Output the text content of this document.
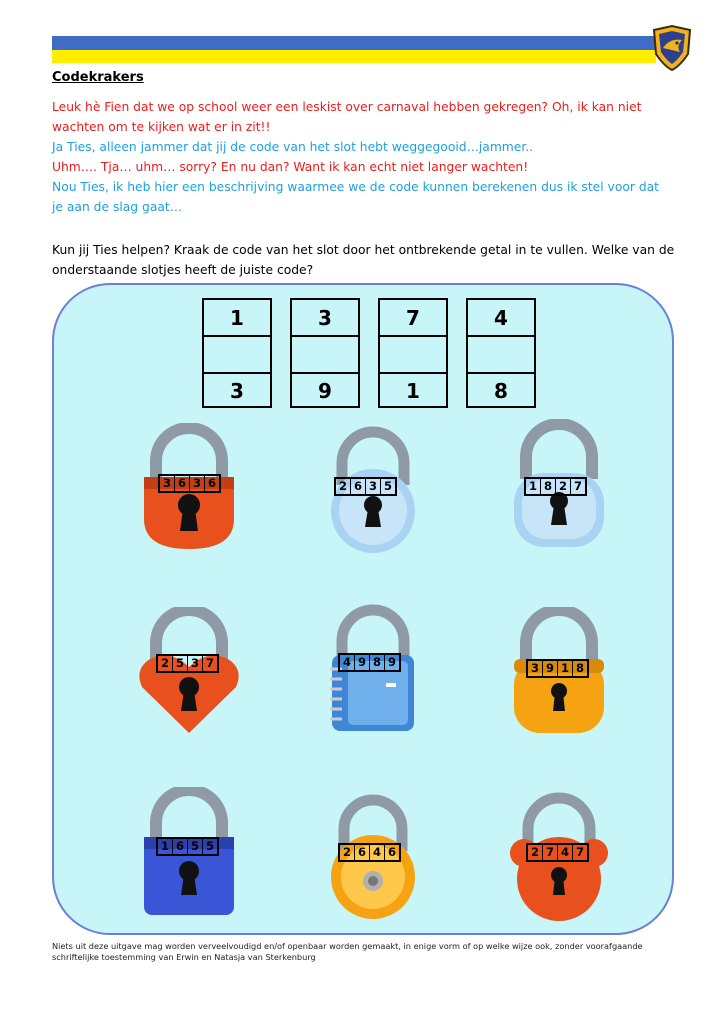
Codekrakers

Leuk hè Fien dat we op school weer een leskist over carnaval hebben gekregen? Oh, ik kan niet wachten om te kijken wat er in zit!!

Ja Ties, alleen jammer dat jij de code van het slot hebt weggegooid…jammer..

Uhm…. Tja… uhm… sorry? En nu dan? Want ik kan echt niet langer wachten!

Nou Ties, ik heb hier een beschrijving waarmee we de code kunnen berekenen dus ik stel voor dat je aan de slag gaat…

Kun jij Ties helpen? Kraak de code van het slot door het ontbrekende getal in te vullen. Welke van de onderstaande slotjes heeft de juiste code?
1
3
3
9
7
1
4
8
3 6 3 6	2 6 3 5	1 8 2 7
2 5 3 7	4 9 8 9	3 9 1 8
1 6 5 5	2 6 4 6	2 7 4 7
Niets uit deze uitgave mag worden verveelvoudigd en/of openbaar worden gemaakt, in enige vorm of op welke wijze ook, zonder voorafgaande schriftelijke toestemming van Erwin en Natasja van Sterkenburg
